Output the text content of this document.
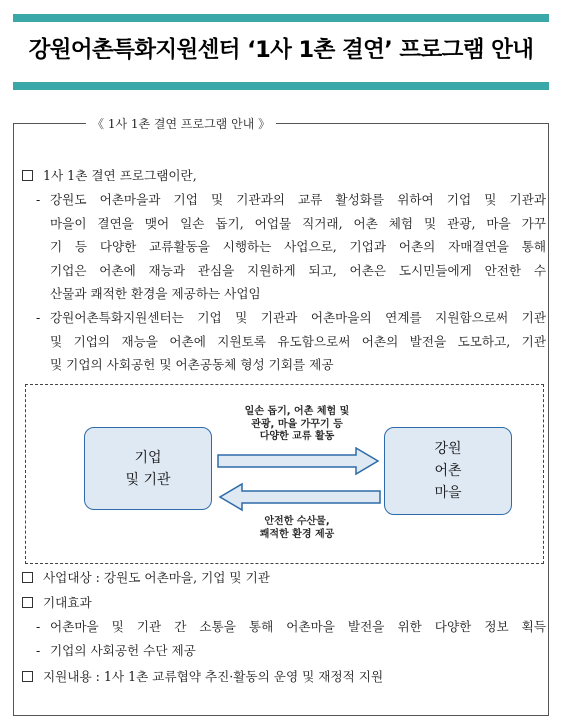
강원어촌특화지원센터 ‘1사 1촌 결연’ 프로그램 안내
《 1사 1촌 결연 프로그램 안내 》
1사 1촌 결연 프로그램이란,
- 강원도 어촌마을과 기업 및 기관과의 교류 활성화를 위하여 기업 및 기관과
마을이 결연을 맺어 일손 돕기, 어업물 직거래, 어촌 체험 및 관광, 마을 가꾸
기 등 다양한 교류활동을 시행하는 사업으로, 기업과 어촌의 자매결연을 통해
기업은 어촌에 재능과 관심을 지원하게 되고, 어촌은 도시민들에게 안전한 수
산물과 쾌적한 환경을 제공하는 사업임
- 강원어촌특화지원센터는 기업 및 기관과 어촌마을의 연계를 지원함으로써 기관
및 기업의 재능을 어촌에 지원토록 유도함으로써 어촌의 발전을 도모하고, 기관
및 기업의 사회공헌 및 어촌공동체 형성 기회를 제공
기업
및 기관
일손 돕기, 어촌 체험 및
관광, 마을 가꾸기 등
다양한 교류 활동
안전한 수산물,
쾌적한 환경 제공
강원
어촌
마을
사업대상 : 강원도 어촌마을, 기업 및 기관
기대효과
- 어촌마을 및 기관 간 소통을 통해 어촌마을 발전을 위한 다양한 정보 획득
- 기업의 사회공헌 수단 제공
지원내용 : 1사 1촌 교류협약 추진·활동의 운영 및 재정적 지원
